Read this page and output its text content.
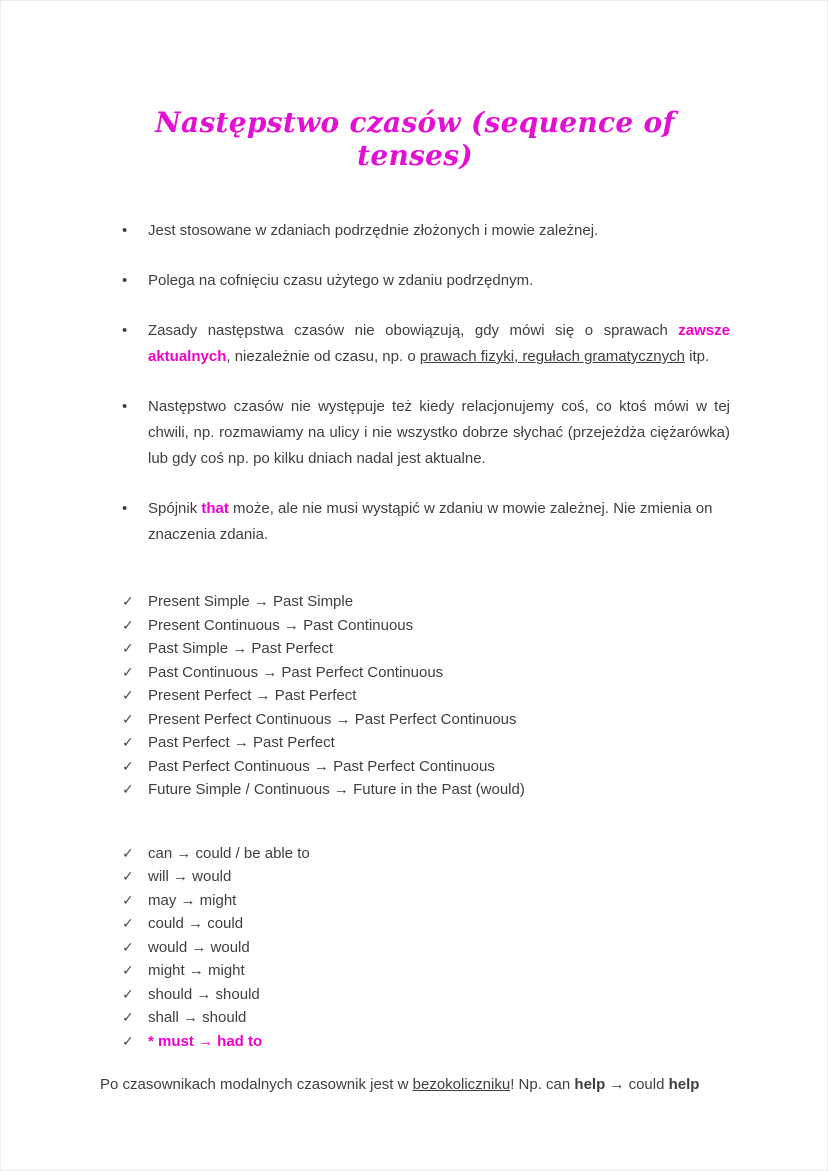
Następstwo czasów (sequence of tenses)
•	Jest stosowane w zdaniach podrzędnie złożonych i mowie zależnej.
•	Polega na cofnięciu czasu użytego w zdaniu podrzędnym.
•	Zasady następstwa czasów nie obowiązują, gdy mówi się o sprawach zawsze aktualnych, niezależnie od czasu, np. o prawach fizyki, regułach gramatycznych itp.
•	Następstwo czasów nie występuje też kiedy relacjonujemy coś, co ktoś mówi w tej chwili, np. rozmawiamy na ulicy i nie wszystko dobrze słychać (przejeżdża ciężarówka) lub gdy coś np. po kilku dniach nadal jest aktualne.
•	Spójnik that może, ale nie musi wystąpić w zdaniu w mowie zależnej. Nie zmienia on znaczenia zdania.
✓ Present Simple → Past Simple
✓ Present Continuous → Past Continuous
✓ Past Simple → Past Perfect
✓ Past Continuous → Past Perfect Continuous
✓ Present Perfect → Past Perfect
✓ Present Perfect Continuous → Past Perfect Continuous
✓ Past Perfect → Past Perfect
✓ Past Perfect Continuous → Past Perfect Continuous
✓ Future Simple / Continuous → Future in the Past (would)
✓ can → could / be able to
✓ will → would
✓ may → might
✓ could → could
✓ would → would
✓ might → might
✓ should → should
✓ shall → should
✓ * must → had to

Po czasownikach modalnych czasownik jest w bezokoliczniku! Np. can help → could help
